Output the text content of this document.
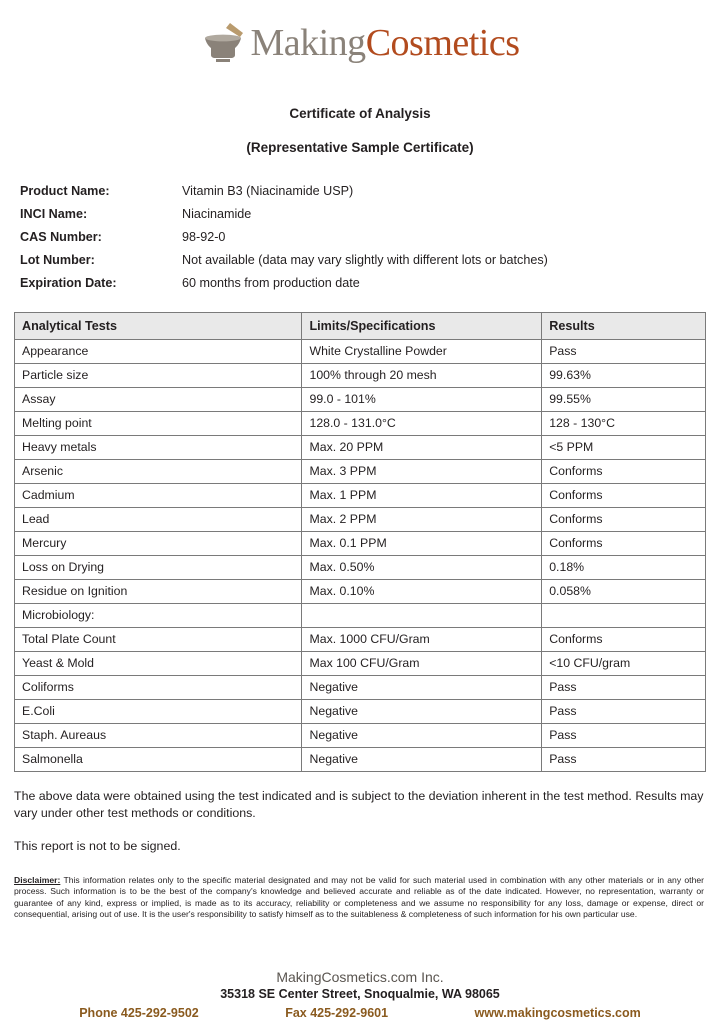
MakingCosmetics
Certificate of Analysis
(Representative Sample Certificate)
Product Name:	Vitamin B3 (Niacinamide USP)
INCI Name:	Niacinamide
CAS Number:	98-92-0
Lot Number:	Not available (data may vary slightly with different lots or batches)
Expiration Date:	60 months from production date
Analytical Tests	Limits/Specifications	Results
Appearance	White Crystalline Powder	Pass
Particle size	100% through 20 mesh	99.63%
Assay	99.0 - 101%	99.55%
Melting point	128.0 - 131.0°C	128 - 130°C
Heavy metals	Max. 20 PPM	<5 PPM
Arsenic	Max. 3 PPM	Conforms
Cadmium	Max. 1 PPM	Conforms
Lead	Max. 2 PPM	Conforms
Mercury	Max. 0.1 PPM	Conforms
Loss on Drying	Max. 0.50%	0.18%
Residue on Ignition	Max. 0.10%	0.058%
Microbiology:		
Total Plate Count	Max. 1000 CFU/Gram	Conforms
Yeast & Mold	Max 100 CFU/Gram	<10 CFU/gram
Coliforms	Negative	Pass
E.Coli	Negative	Pass
Staph. Aureaus	Negative	Pass
Salmonella	Negative	Pass
The above data were obtained using the test indicated and is subject to the deviation inherent in the test method. Results may vary under other test methods or conditions.
This report is not to be signed.
Disclaimer: This information relates only to the specific material designated and may not be valid for such material used in combination with any other materials or in any other process. Such information is to be the best of the company's knowledge and believed accurate and reliable as of the date indicated. However, no representation, warranty or guarantee of any kind, express or implied, is made as to its accuracy, reliability or completeness and we assume no responsibility for any loss, damage or expense, direct or consequential, arising out of use. It is the user's responsibility to satisfy himself as to the suitableness & completeness of such information for his own particular use.
MakingCosmetics.com Inc.
35318 SE Center Street, Snoqualmie, WA 98065
Phone 425-292-9502	Fax 425-292-9601	www.makingcosmetics.com
